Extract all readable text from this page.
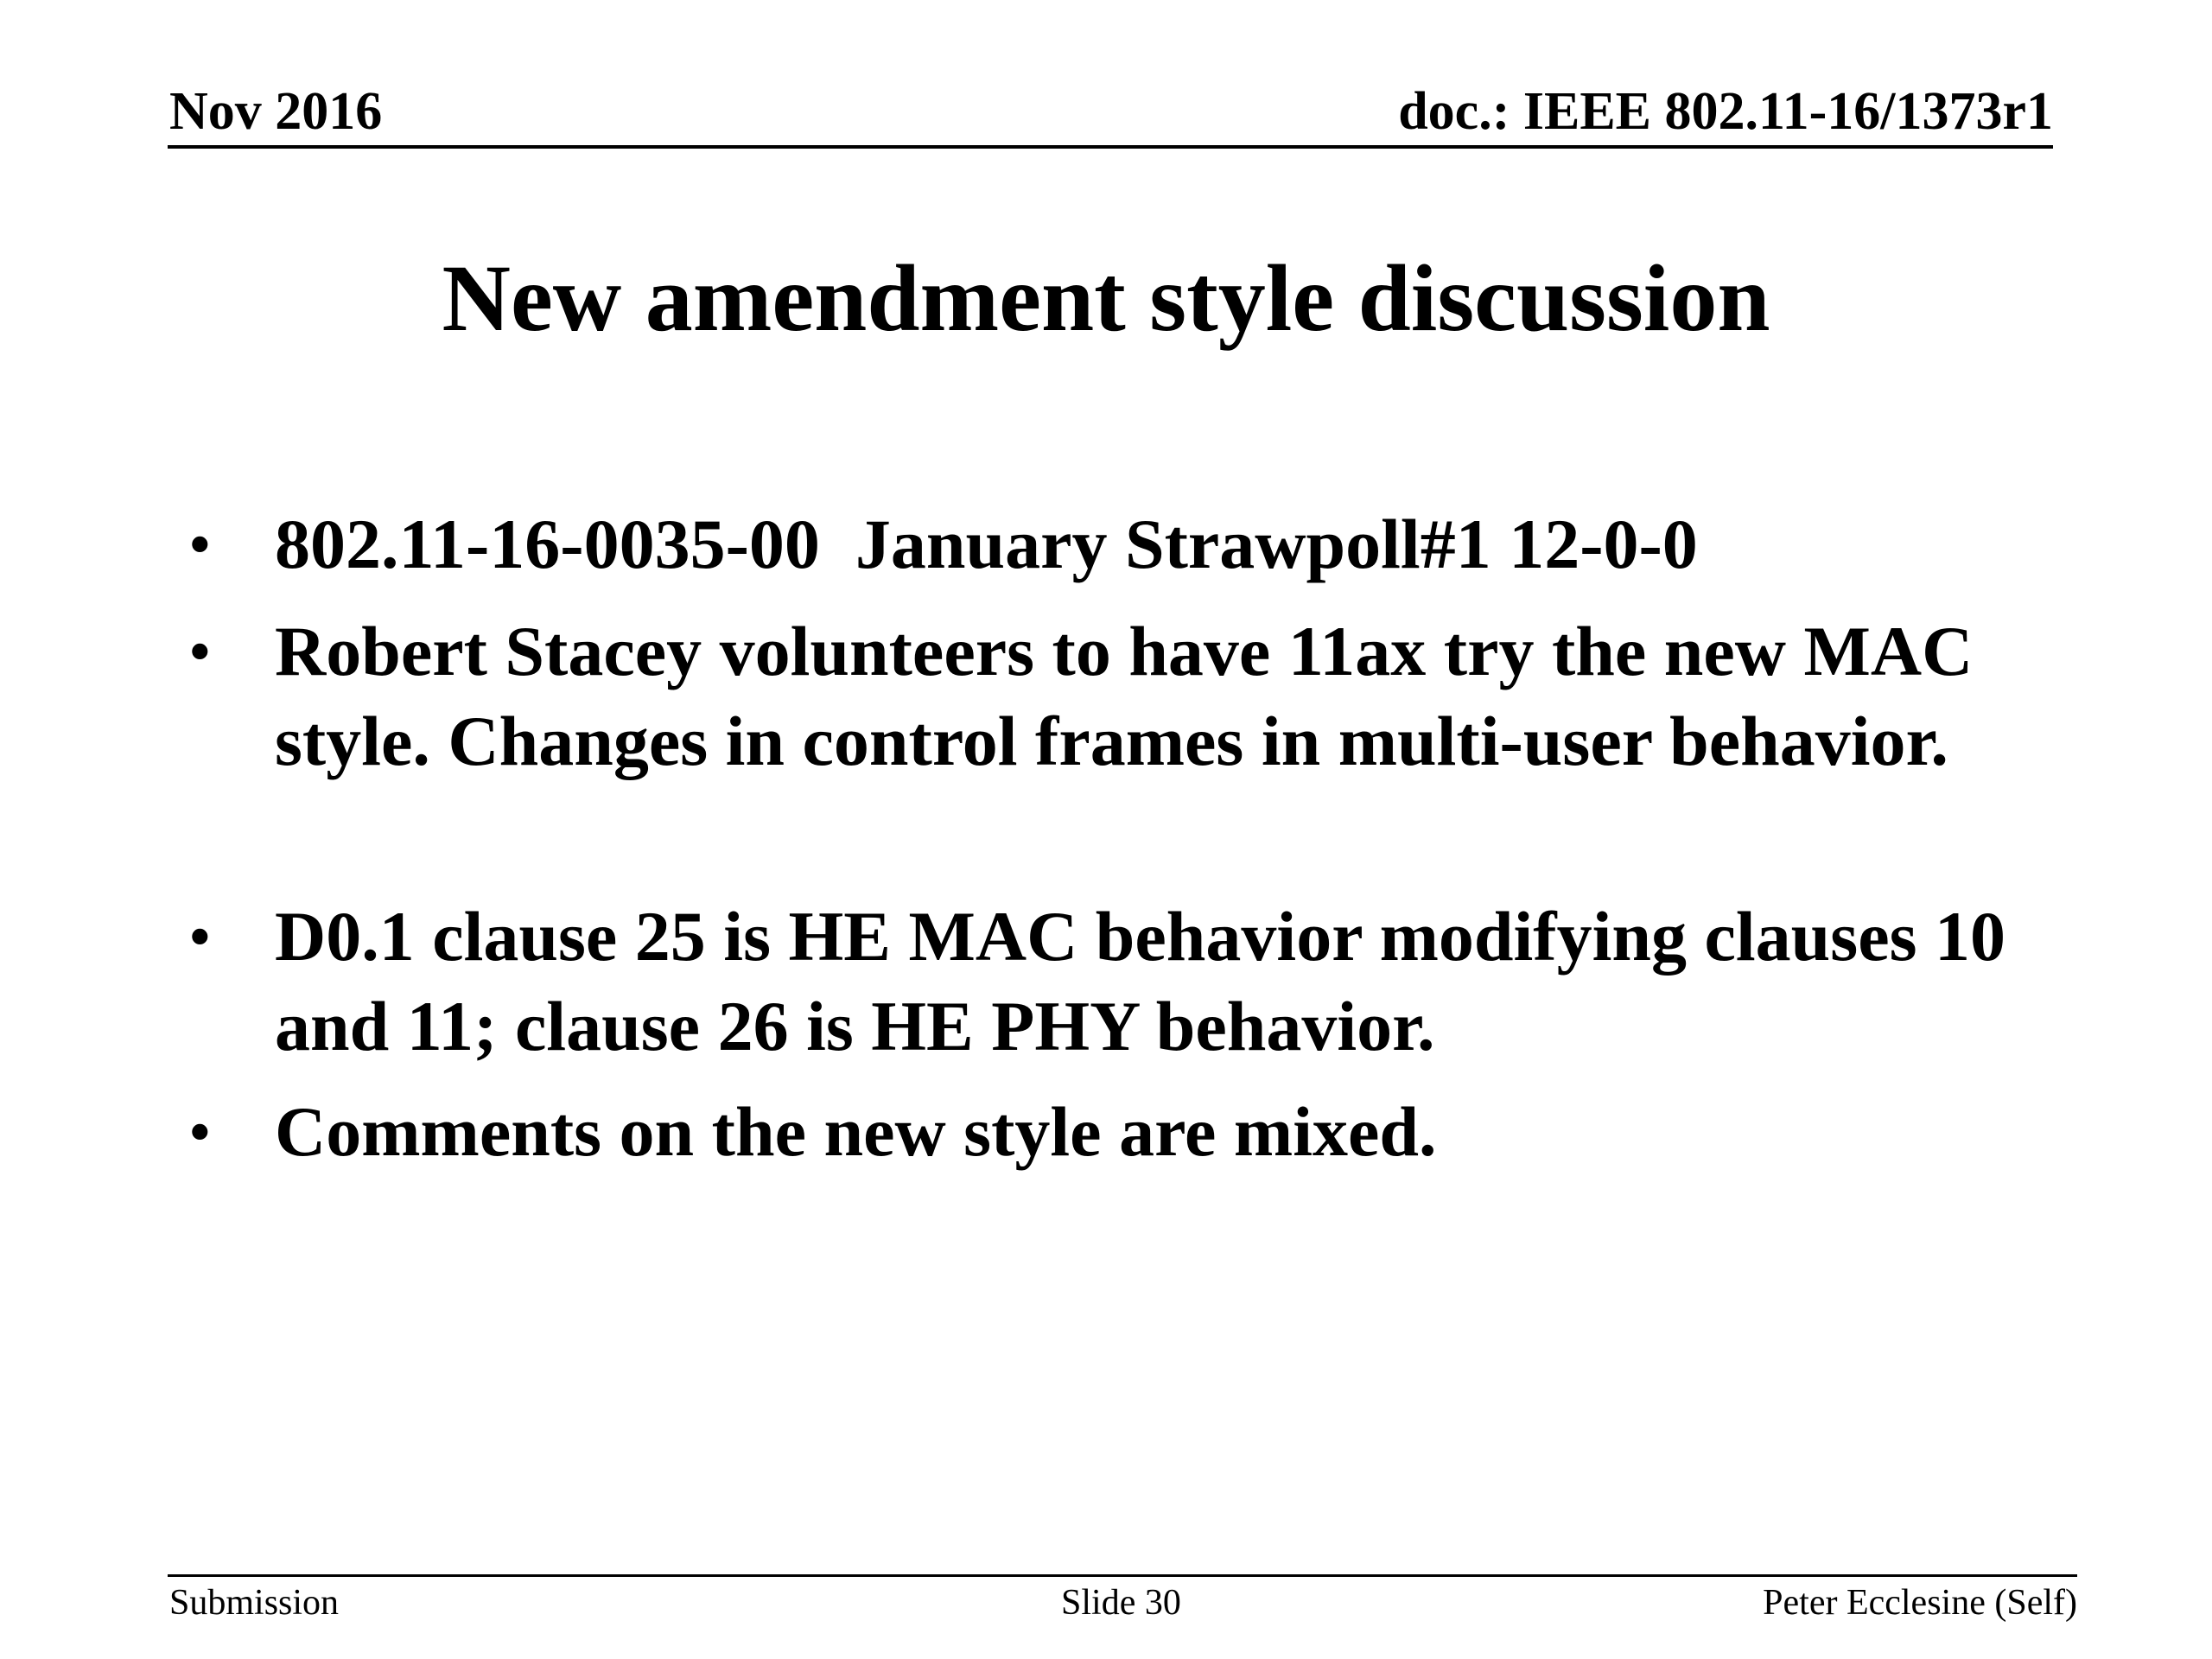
Nov 2016	doc.: IEEE 802.11-16/1373r1
New amendment style discussion
• 802.11-16-0035-00  January Strawpoll#1 12-0-0
• Robert Stacey volunteers to have 11ax try the new MAC style. Changes in control frames in multi-user behavior.
• D0.1 clause 25 is HE MAC behavior modifying clauses 10 and 11; clause 26 is HE PHY behavior.
• Comments on the new style are mixed.
Submission	Slide 30	Peter Ecclesine (Self)
